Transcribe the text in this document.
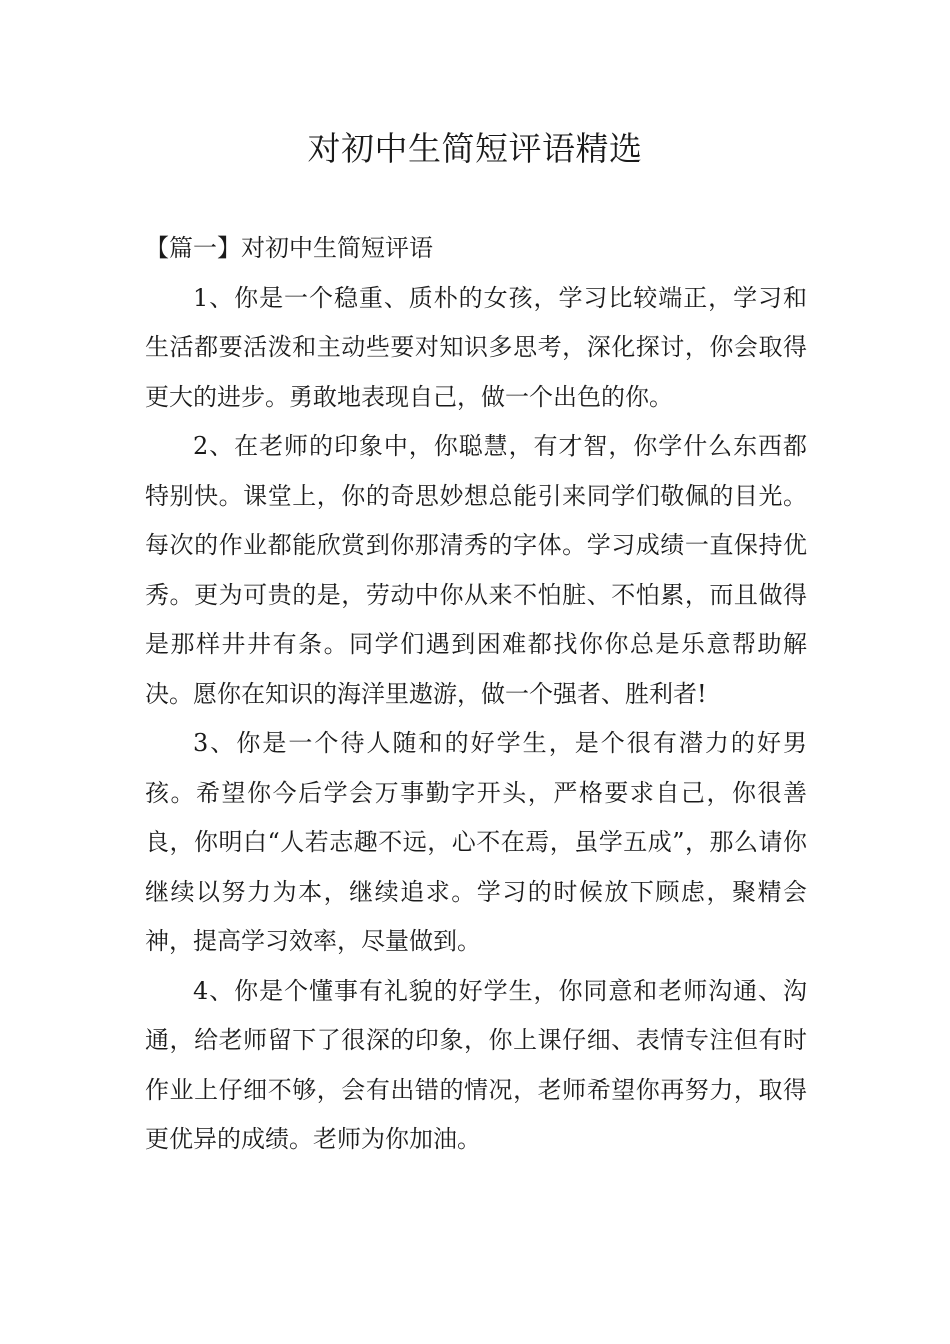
对初中生简短评语精选

【篇一】对初中生简短评语

1、你是一个稳重、质朴的女孩，学习比较端正，学习和生活都要活泼和主动些要对知识多思考，深化探讨，你会取得更大的进步。勇敢地表现自己，做一个出色的你。

2、在老师的印象中，你聪慧，有才智，你学什么东西都特别快。课堂上，你的奇思妙想总能引来同学们敬佩的目光。每次的作业都能欣赏到你那清秀的字体。学习成绩一直保持优秀。更为可贵的是，劳动中你从来不怕脏、不怕累，而且做得是那样井井有条。同学们遇到困难都找你你总是乐意帮助解决。愿你在知识的海洋里遨游，做一个强者、胜利者!

3、你是一个待人随和的好学生，是个很有潜力的好男孩。希望你今后学会万事勤字开头，严格要求自己，你很善良，你明白“人若志趣不远，心不在焉，虽学五成”，那么请你继续以努力为本，继续追求。学习的时候放下顾虑，聚精会神，提高学习效率，尽量做到。

4、你是个懂事有礼貌的好学生，你同意和老师沟通、沟通，给老师留下了很深的印象，你上课仔细、表情专注但有时作业上仔细不够，会有出错的情况，老师希望你再努力，取得更优异的成绩。老师为你加油。
